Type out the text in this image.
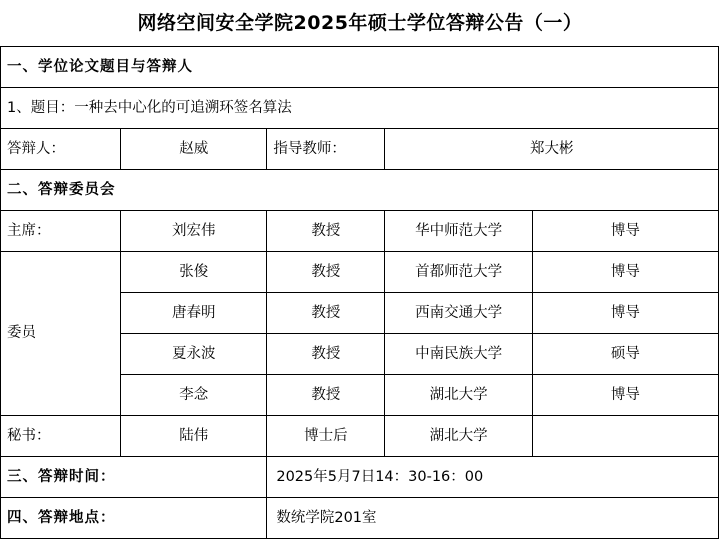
网络空间安全学院2025年硕士学位答辩公告（一）
一、学位论文题目与答辩人				
1、题目：一种去中心化的可追溯环签名算法				
答辩人：	赵威	指导教师：	郑大彬	
二、答辩委员会				
主席：	刘宏伟	教授	华中师范大学	博导
委员	张俊	教授	首都师范大学	博导
	唐春明	教授	西南交通大学	博导
	夏永波	教授	中南民族大学	硕导
	李念	教授	湖北大学	博导
秘书：	陆伟	博士后	湖北大学	
三、答辩时间：		2025年5月7日14：30-16：00		
四、答辩地点：		数统学院201室		
